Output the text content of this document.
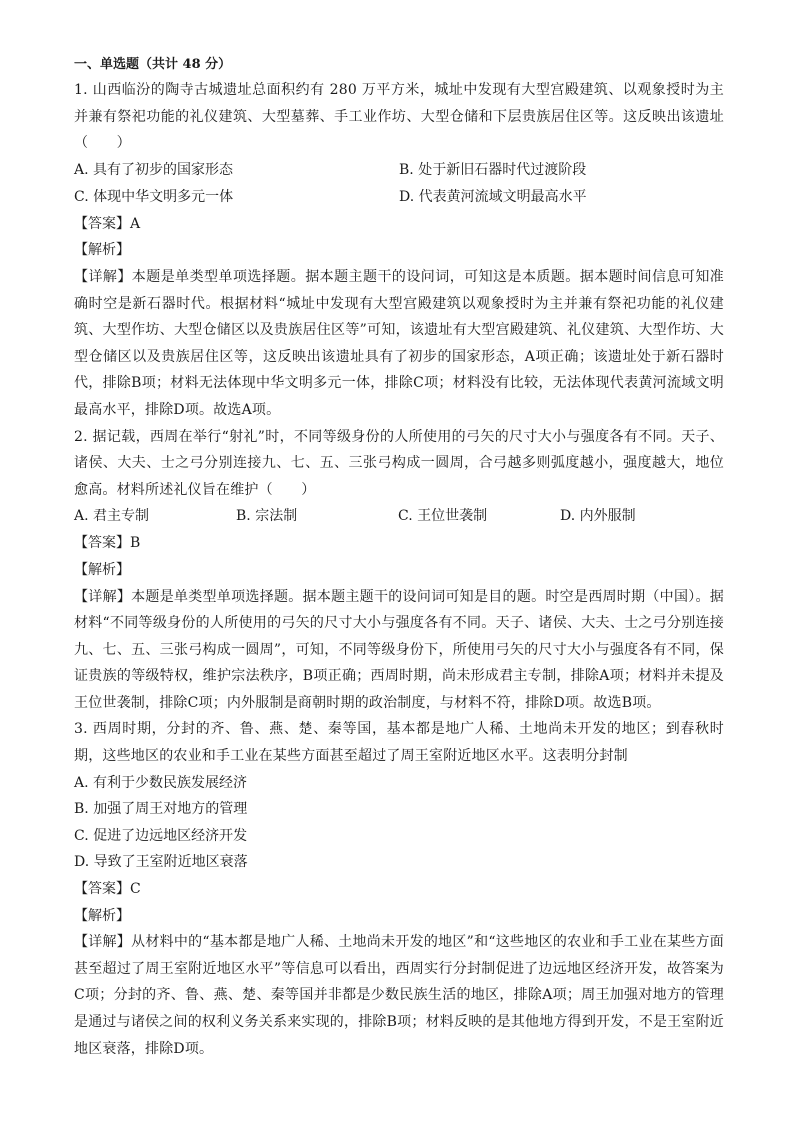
一、单选题（共计 48 分）
1. 山西临汾的陶寺古城遗址总面积约有 280 万平方米，城址中发现有大型宫殿建筑、以观象授时为主并兼有祭祀功能的礼仪建筑、大型墓葬、手工业作坊、大型仓储和下层贵族居住区等。这反映出该遗址（　　）
A. 具有了初步的国家形态	B. 处于新旧石器时代过渡阶段
C. 体现中华文明多元一体	D. 代表黄河流域文明最高水平
【答案】A
【解析】
【详解】本题是单类型单项选择题。据本题主题干的设问词，可知这是本质题。据本题时间信息可知准确时空是新石器时代。根据材料“城址中发现有大型宫殿建筑以观象授时为主并兼有祭祀功能的礼仪建筑、大型作坊、大型仓储区以及贵族居住区等”可知，该遗址有大型宫殿建筑、礼仪建筑、大型作坊、大型仓储区以及贵族居住区等，这反映出该遗址具有了初步的国家形态，A项正确；该遗址处于新石器时代，排除B项；材料无法体现中华文明多元一体，排除C项；材料没有比较，无法体现代表黄河流域文明最高水平，排除D项。故选A项。
2. 据记载，西周在举行“射礼”时，不同等级身份的人所使用的弓矢的尺寸大小与强度各有不同。天子、诸侯、大夫、士之弓分别连接九、七、五、三张弓构成一圆周，合弓越多则弧度越小，强度越大，地位愈高。材料所述礼仪旨在维护（　　）
A. 君主专制	B. 宗法制	C. 王位世袭制	D. 内外服制
【答案】B
【解析】
【详解】本题是单类型单项选择题。据本题主题干的设问词可知是目的题。时空是西周时期（中国）。据材料“不同等级身份的人所使用的弓矢的尺寸大小与强度各有不同。天子、诸侯、大夫、士之弓分别连接九、七、五、三张弓构成一圆周”，可知，不同等级身份下，所使用弓矢的尺寸大小与强度各有不同，保证贵族的等级特权，维护宗法秩序，B项正确；西周时期，尚未形成君主专制，排除A项；材料并未提及王位世袭制，排除C项；内外服制是商朝时期的政治制度，与材料不符，排除D项。故选B项。
3. 西周时期，分封的齐、鲁、燕、楚、秦等国，基本都是地广人稀、土地尚未开发的地区；到春秋时期，这些地区的农业和手工业在某些方面甚至超过了周王室附近地区水平。这表明分封制
A. 有利于少数民族发展经济
B. 加强了周王对地方的管理
C. 促进了边远地区经济开发
D. 导致了王室附近地区衰落
【答案】C
【解析】
【详解】从材料中的“基本都是地广人稀、土地尚未开发的地区”和“这些地区的农业和手工业在某些方面甚至超过了周王室附近地区水平”等信息可以看出，西周实行分封制促进了边远地区经济开发，故答案为C项；分封的齐、鲁、燕、楚、秦等国并非都是少数民族生活的地区，排除A项；周王加强对地方的管理是通过与诸侯之间的权利义务关系来实现的，排除B项；材料反映的是其他地方得到开发，不是王室附近地区衰落，排除D项。
